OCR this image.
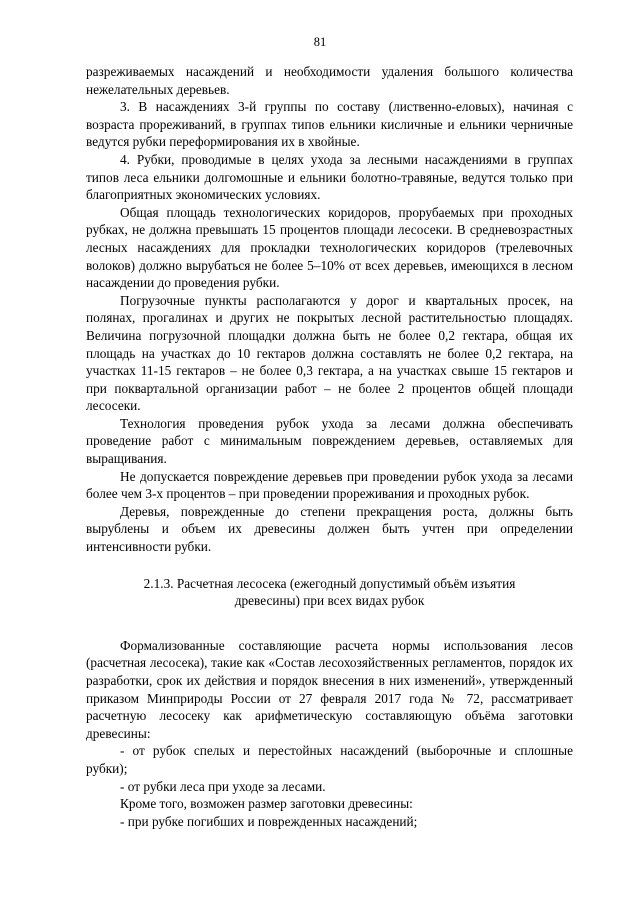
81

разреживаемых насаждений и необходимости удаления большого количества нежелательных деревьев.

3. В насаждениях 3-й группы по составу (лиственно-еловых), начиная с возраста прореживаний, в группах типов ельники кисличные и ельники черничные ведутся рубки переформирования их в хвойные.

4. Рубки, проводимые в целях ухода за лесными насаждениями в группах типов леса ельники долгомошные и ельники болотно-травяные, ведутся только при благоприятных экономических условиях.

Общая площадь технологических коридоров, прорубаемых при проходных рубках, не должна превышать 15 процентов площади лесосеки. В средневозрастных лесных насаждениях для прокладки технологических коридоров (трелевочных волоков) должно вырубаться не более 5–10% от всех деревьев, имеющихся в лесном насаждении до проведения рубки.

Погрузочные пункты располагаются у дорог и квартальных просек, на полянах, прогалинах и других не покрытых лесной растительностью площадях. Величина погрузочной площадки должна быть не более 0,2 гектара, общая их площадь на участках до 10 гектаров должна составлять не более 0,2 гектара, на участках 11-15 гектаров – не более 0,3 гектара, а на участках свыше 15 гектаров и при поквартальной организации работ – не более 2 процентов общей площади лесосеки.

Технология проведения рубок ухода за лесами должна обеспечивать проведение работ с минимальным повреждением деревьев, оставляемых для выращивания.

Не допускается повреждение деревьев при проведении рубок ухода за лесами более чем 3-х процентов – при проведении прореживания и проходных рубок.

Деревья, поврежденные до степени прекращения роста, должны быть вырублены и объем их древесины должен быть учтен при определении интенсивности рубки.

2.1.3. Расчетная лесосека (ежегодный допустимый объём изъятия
древесины) при всех видах рубок

Формализованные составляющие расчета нормы использования лесов (расчетная лесосека), такие как «Состав лесохозяйственных регламентов, порядок их разработки, срок их действия и порядок внесения в них изменений», утвержденный приказом Минприроды России от 27 февраля 2017 года № 72, рассматривает расчетную лесосеку как арифметическую составляющую объёма заготовки древесины:

- от рубок спелых и перестойных насаждений (выборочные и сплошные рубки);

- от рубки леса при уходе за лесами.

Кроме того, возможен размер заготовки древесины:

- при рубке погибших и поврежденных насаждений;
